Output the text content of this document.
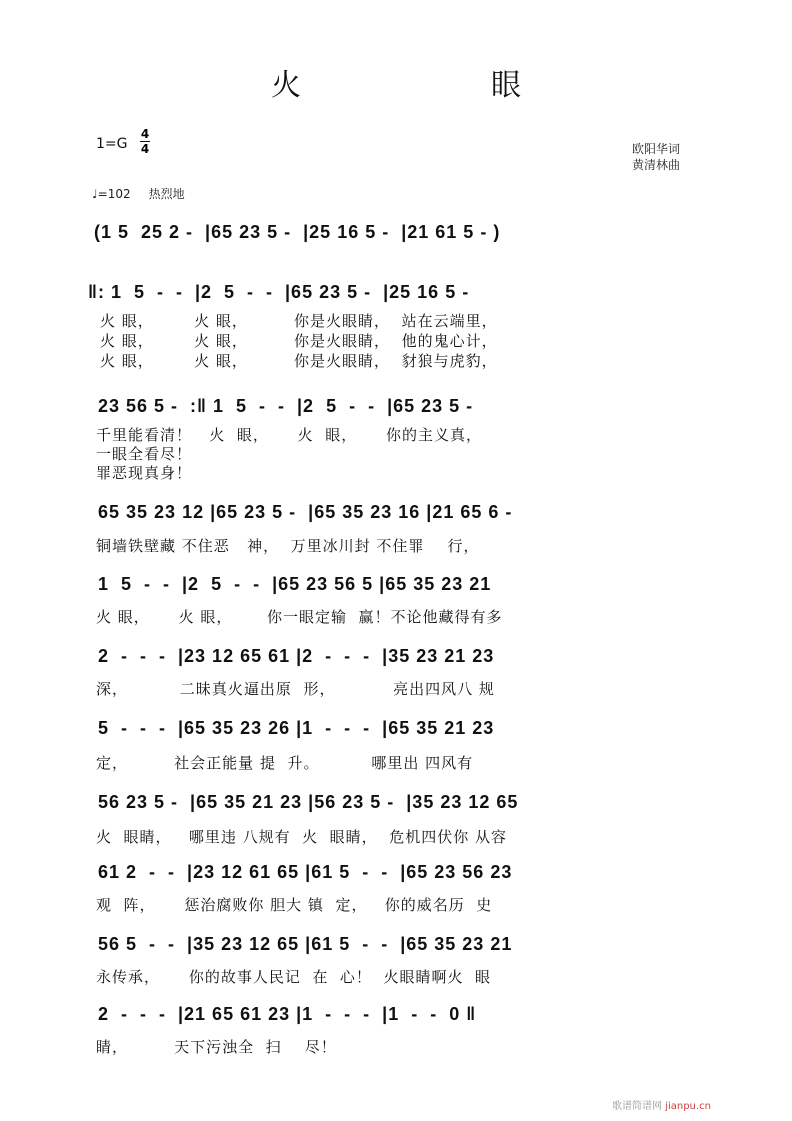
火　眼
1=G
4
4	欧阳华词
黄清林曲
♩=102 热烈地
(1 5  25 2 -  |65 23 5 -  |25 16 5 -  |21 61 5 - )
‖: 1  5  -  -  |2  5  -  -  |65 23 5 -  |25 16 5 -
火 眼，       火 眼，        你是火眼睛，  站在云端里，
火 眼，       火 眼，        你是火眼睛，  他的鬼心计，
火 眼，       火 眼，        你是火眼睛，  豺狼与虎豹，
23 56 5 -  :‖ 1  5  -  -  |2  5  -  -  |65 23 5 -
千里能看清！   火  眼，     火  眼，     你的主义真，
一眼全看尽！
罪恶现真身！
65 35 23 12 |65 23 5 -  |65 35 23 16 |21 65 6 -
铜墙铁壁藏 不住恶   神，  万里冰川封 不住罪    行，
1  5  -  -  |2  5  -  -  |65 23 56 5 |65 35 23 21
火 眼，     火 眼，      你一眼定输  赢！不论他藏得有多
2  -  -  -  |23 12 65 61 |2  -  -  -  |35 23 21 23
深，         二昧真火逼出原  形，          亮出四风八 规
5  -  -  -  |65 35 23 26 |1  -  -  -  |65 35 21 23
定，        社会正能量 提  升。         哪里出 四风有
56 23 5 -  |65 35 21 23 |56 23 5 -  |35 23 12 65
火  眼睛，   哪里违 八规有  火  眼睛，  危机四伏你 从容
61 2  -  -  |23 12 61 65 |61 5  -  -  |65 23 56 23
观  阵，     惩治腐败你 胆大 镇  定，   你的威名历  史
56 5  -  -  |35 23 12 65 |61 5  -  -  |65 35 23 21
永传承，     你的故事人民记  在  心！  火眼睛啊火  眼
2  -  -  -  |21 65 61 23 |1  -  -  -  |1  -  -  0 ‖
睛，        天下污浊全  扫    尽！
歌谱简谱网 jianpu.cn
